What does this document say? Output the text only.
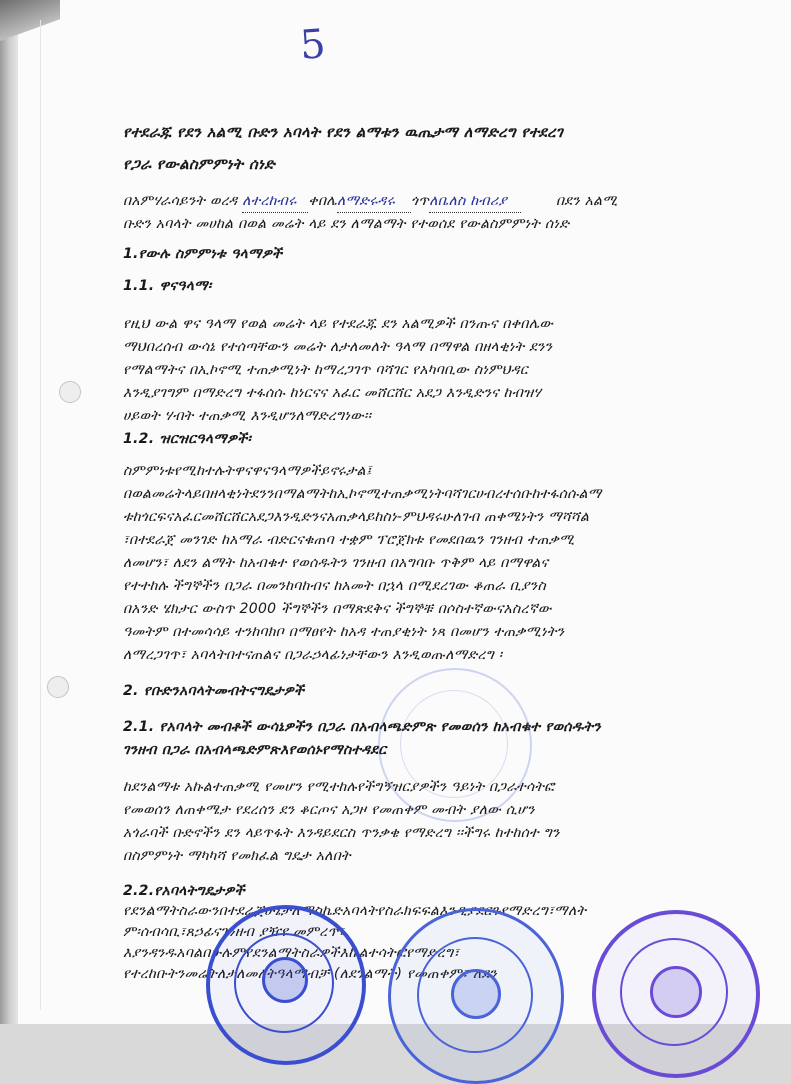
5
የተደራጁ የደን አልሚ ቡድን አባላት የደን ልማቱን ዉጤታማ ለማድረግ የተደረገ
የጋራ የውልስምምነት ሰነድ
በአምሃራሳይንት ወረዳ ለተረከብሩ ቀበሌለማድሩዳሩ ጎጥለቤለስ ከብሪያ	በደን አልሚ
ቡድን አባላት መሀከል በወል መሬት ላይ ደን ለማልማት የተወሰደ የውልስምምነት ሰነድ
1.የውሉ ስምምነቱ ዓላማዎች
1.1. ዋናዓላማ፡
የዚህ ውል ዋና ዓላማ የወል መሬት ላይ የተደራጁ ደን አልሚዎች በንጡና በቀበሌው
ማህበረሰብ ውሳኔ የተሰጣቸውን መሬት ለታለመለት ዓላማ በማዋል በዘላቂነት ደንን
የማልማትና በኢኮኖሚ ተጠቃሚነት ከማረጋገጥ ባሻገር የአካባቢው ስነምህዳር
እንዲያገግም በማድረግ ተፋሰሱ ከነርናና አፈር መሸርሸር አደጋ እንዲድንና ከብዝሃ
ሀይወት ሃብት ተጠቃሚ እንዲሆንለማድረግነው፡፡
1.2. ዝርዝርዓላማዎች፡
ስምምነቱየሚከተሉትዋናዋናዓላማዎችይኖሩታል፤
በወልመሬትላይበዘላቂነትደንንበማልማትከኢኮኖሚተጠቃሚነትባሻገርሀብረተሰቡከተፋሰሱልማ
ቱከጎርፍናአፈርመሸርሸርአደጋእንዲድንናአጠቃላይከስነ-ምህዳሩሁለገብ ጠቀሜነትን ማሻሻል
፣በተደራጀ መንገድ ከአማራ ብድርናቁጠባ ተቋም ፕሮጀክቱ የመደበዉን ገንዘብ ተጠቃሚ
ለመሆን፣ ለደን ልማት ከአብቁተ የወሰዱትን ገንዘብ በአግባቡ ጥቅም ላይ በማዋልና
የተተከሉ ችግኞችን በጋራ በመንከባከብና ከአመት በኋላ በሚደረገው ቆጠራ ቢያንስ
በአንድ ሄክታር ውስጥ 2000 ችግኞችን በማጽደቅና ችግኞቹ በሶስተኛውናአስረኛው
ዓመትም በተመሳሳይ ተንከባክቦ በማፀየት ከአዳ ተጠያቂነት ነጻ በመሆን ተጠቃሚነትን
ለማረጋገጥ፣ አባላትበተናጠልና በጋራኃላፊነታቸውን እንዲወጡለማድረግ ፡
2. የቡድንአባላትመብትናግዴታዎች
2.1. የአባላት መብቶች ውሳኔዎችን በጋራ በአብላጫድምጽ የመወሰን ከአብቁተ የወሰዱትን
ገንዘብ በጋራ በአብላጫድምጽእየወሰኑየማስተዳደር
ከደንልማቱ አኩልተጠቃሚ የመሆን የሚተከሉየችግኝዝርያዎችን ዓይነት በጋራተሳትፎ
የመወሰን ለጠቀሜታ የደረሰን ደን ቆርጦና አጋዞ የመጠቀም መብት ያለው ሲሆን
አጎራባች ቡድኖችን ደን ላይጥፋት እንዳይደርስ ጥንቃቄ የማድረግ ፡፡ችግሩ ከተከሰተ ግን
በስምምነት ማካካሻ የመክፈል ግዴታ አለበት
2.2.የአባላትግዴታዎች
የደንልማትስራውንበተደራጀሁኔታለማስኬድአባላትየስራክፍፍልእንዲያደርጉየማድረግ፣ማለት
ም፡ሰብሳቢ፣ጸኃፊናገንዘብ ያዥየ መምረጥ፣
እያንዳንዱአባልበሁሉምየደንልማትስራዎችእኩልተሳትፎየማድረግ፣
የተረከቡትንመሬትለታለመለትዓላማብቻ (ለደንልማት) የመጠቀም፣ ለደን
